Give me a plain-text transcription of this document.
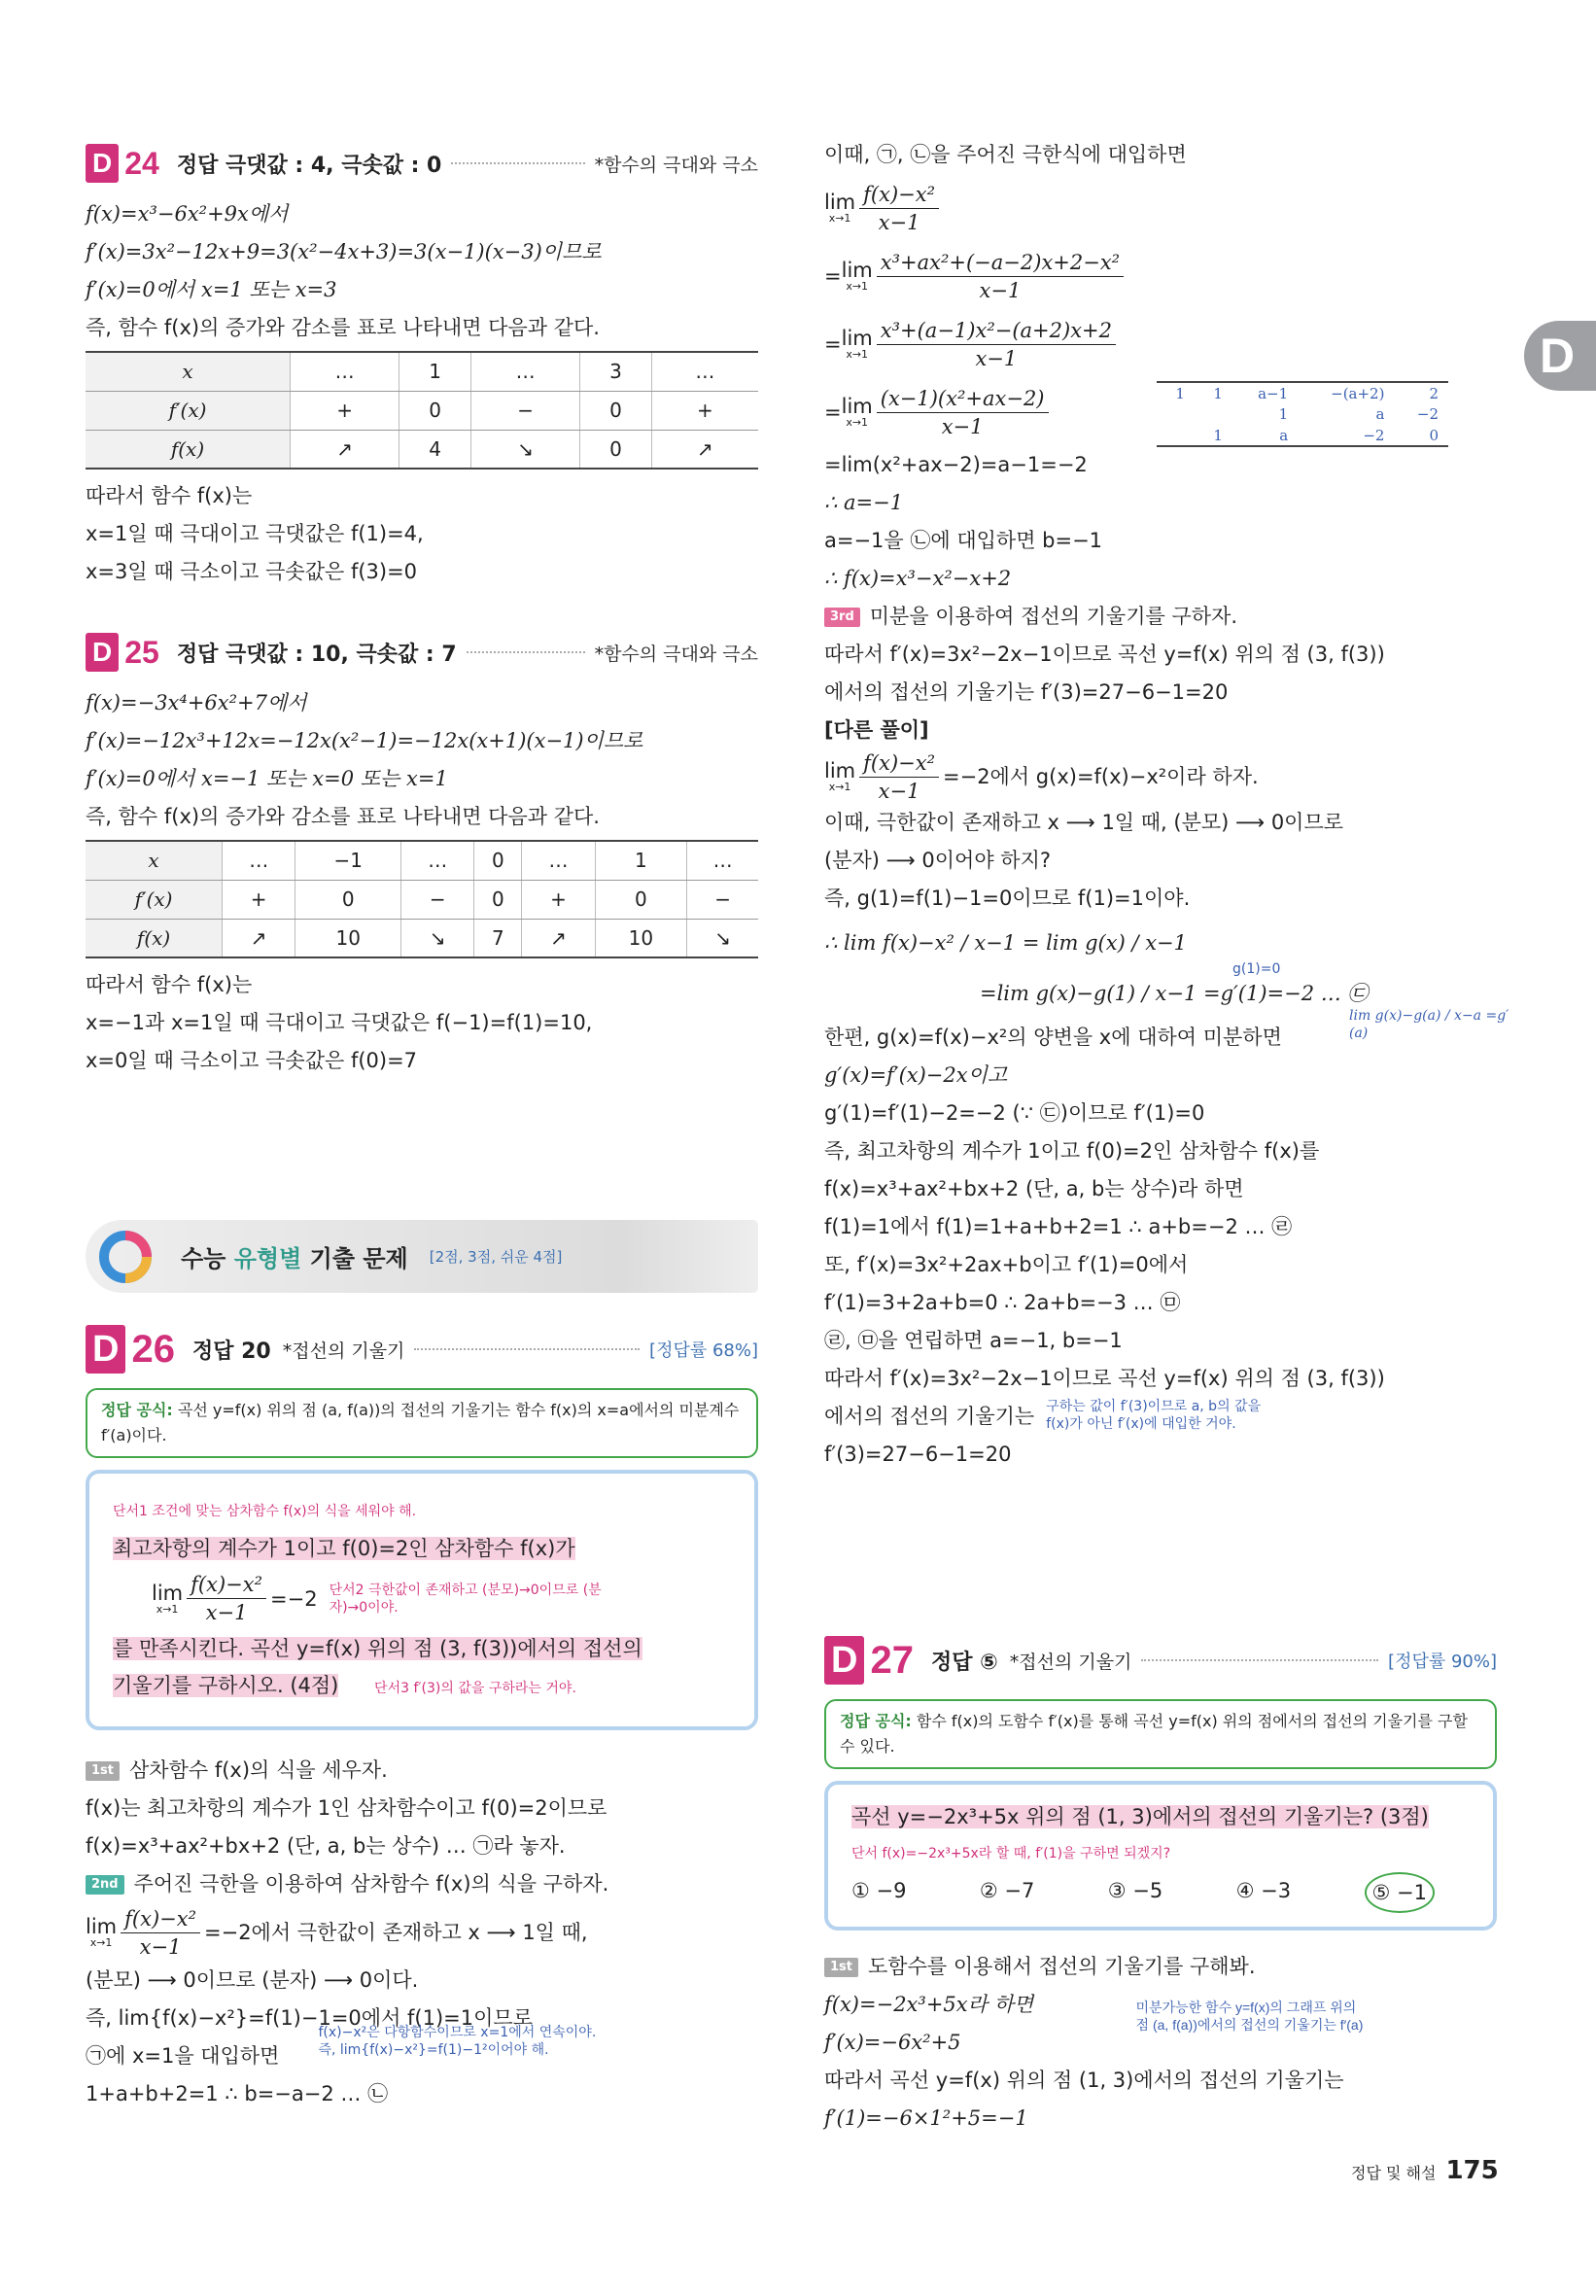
D
D 24 정답 극댓값 : 4, 극솟값 : 0	*함수의 극대와 극소
f(x)=x³−6x²+9x에서
f′(x)=3x²−12x+9=3(x²−4x+3)=3(x−1)(x−3)이므로
f′(x)=0에서 x=1 또는 x=3
즉, 함수 f(x)의 증가와 감소를 표로 나타내면 다음과 같다.
x	…	1	…	3	…
f′(x)	+	0	−	0	+
f(x)	↗	4	↘	0	↗
따라서 함수 f(x)는
x=1일 때 극대이고 극댓값은 f(1)=4,
x=3일 때 극소이고 극솟값은 f(3)=0
D 25 정답 극댓값 : 10, 극솟값 : 7	*함수의 극대와 극소
f(x)=−3x⁴+6x²+7에서
f′(x)=−12x³+12x=−12x(x²−1)=−12x(x+1)(x−1)이므로
f′(x)=0에서 x=−1 또는 x=0 또는 x=1
즉, 함수 f(x)의 증가와 감소를 표로 나타내면 다음과 같다.
x	…	−1	…	0	…	1	…
f′(x)	+	0	−	0	+	0	−
f(x)	↗	10	↘	7	↗	10	↘
따라서 함수 f(x)는
x=−1과 x=1일 때 극대이고 극댓값은 f(−1)=f(1)=10,
x=0일 때 극소이고 극솟값은 f(0)=7
수능 유형별 기출 문제 [2점, 3점, 쉬운 4점]
D 26 정답 20 *접선의 기울기	[정답률 68%]
정답 공식: 곡선 y=f(x) 위의 점 (a, f(a))의 접선의 기울기는 함수 f(x)의 x=a에서의 미분계수 f′(a)이다.
단서1 조건에 맞는 삼차함수 f(x)의 식을 세워야 해.
최고차항의 계수가 1이고 f(0)=2인 삼차함수 f(x)가
lim
$x\to 1 \frac{\text{f(x)−x²}}{x-1} =-2$ 단서2 극한값이 존재하고 (분모)→0이므로 (분자)→0이야.
를 만족시킨다. 곡선 y=f(x) 위의 점 (3, f(3))에서의 접선의
기울기를 구하시오. (4점)	단서3 f′(3)의 값을 구하라는 거야.
1st 삼차함수 f(x)의 식을 세우자.
f(x)는 최고차항의 계수가 1인 삼차함수이고 f(0)=2이므로
f(x)=x³+ax²+bx+2 (단, a, b는 상수) … ㉠라 놓자.
2nd 주어진 극한을 이용하여 삼차함수 f(x)의 식을 구하자.
lim
$x\to 1 \frac{\text{f(x)−x²}}{x-1} =-2$에서 극한값이 존재하고 x ⟶ 1일 때,
(분모) ⟶ 0이므로 (분자) ⟶ 0이다.
즉, lim{f(x)−x²}=f(1)−1=0에서 f(1)=1이므로
㉠에 x=1을 대입하면
f(x)−x²은 다항함수이므로 x=1에서 연속이야.
즉, lim{f(x)−x²}=f(1)−1²이어야 해.
1+a+b+2=1 ∴ b=−a−2 … ㉡
이때, ㉠, ㉡을 주어진 극한식에 대입하면
lim
$x\to 1 \frac{\text{f(x)−x²}}{x-1}$
= lim
$x\to 1 \frac{\text{x³+ax²+(−a−2)x+2−x²}}{x-1}$
= lim
$x\to 1 \frac{\text{x³+(a−1)x²−(a+2)x+2}}{x-1}$
= lim
$x\to 1 \frac{\text{(x−1)(x²+ax−2)}}{x-1}$
=lim(x²+ax−2)=a−1=−2
∴ a=−1
a=−1을 ㉡에 대입하면 b=−1
∴ f(x)=x³−x²−x+2
3rd 미분을 이용하여 접선의 기울기를 구하자.
따라서 f′(x)=3x²−2x−1이므로 곡선 y=f(x) 위의 점 (3, f(3))
에서의 접선의 기울기는 f′(3)=27−6−1=20
[다른 풀이]
lim
$x\to 1 \frac{\text{f(x)−x²}}{x-1} =-2$에서 g(x)=f(x)−x²이라 하자.
이때, 극한값이 존재하고 x ⟶ 1일 때, (분모) ⟶ 0이므로
(분자) ⟶ 0이어야 하지?
즉, g(1)=f(1)−1=0이므로 f(1)=1이야.
∴ lim f(x)−x² / x−1 = lim g(x) / x−1
=lim g(x)−g(1) / x−1 =g′(1)=−2 … ㉢
g(1)=0
lim g(x)−g(a) / x−a =g′(a)
한편, g(x)=f(x)−x²의 양변을 x에 대하여 미분하면
g′(x)=f′(x)−2x이고
g′(1)=f′(1)−2=−2 (∵ ㉢)이므로 f′(1)=0
즉, 최고차항의 계수가 1이고 f(0)=2인 삼차함수 f(x)를
f(x)=x³+ax²+bx+2 (단, a, b는 상수)라 하면
f(1)=1에서 f(1)=1+a+b+2=1 ∴ a+b=−2 … ㉣
또, f′(x)=3x²+2ax+b이고 f′(1)=0에서
f′(1)=3+2a+b=0 ∴ 2a+b=−3 … ㉤
㉣, ㉤을 연립하면 a=−1, b=−1
따라서 f′(x)=3x²−2x−1이므로 곡선 y=f(x) 위의 점 (3, f(3))
에서의 접선의 기울기는 구하는 값이 f′(3)이므로 a, b의 값을
f(x)가 아닌 f′(x)에 대입한 거야.
f′(3)=27−6−1=20
1	1	a−1	−(a+2)	2
		1	a	−2
	1	a	−2	0
D 27 정답 ⑤ *접선의 기울기	[정답률 90%]
정답 공식: 함수 f(x)의 도함수 f′(x)를 통해 곡선 y=f(x) 위의 점에서의 접선의 기울기를 구할 수 있다.
곡선 y=−2x³+5x 위의 점 (1, 3)에서의 접선의 기울기는? (3점)
단서 f(x)=−2x³+5x라 할 때, f′(1)을 구하면 되겠지?
① −9	② −7	③ −5	④ −3	⑤ −1
1st 도함수를 이용해서 접선의 기울기를 구해봐.
f(x)=−2x³+5x라 하면
f′(x)=−6x²+5
미분가능한 함수 y=f(x)의 그래프 위의
점 (a, f(a))에서의 접선의 기울기는 f′(a)
따라서 곡선 y=f(x) 위의 점 (1, 3)에서의 접선의 기울기는
f′(1)=−6×1²+5=−1
정답 및 해설 175
